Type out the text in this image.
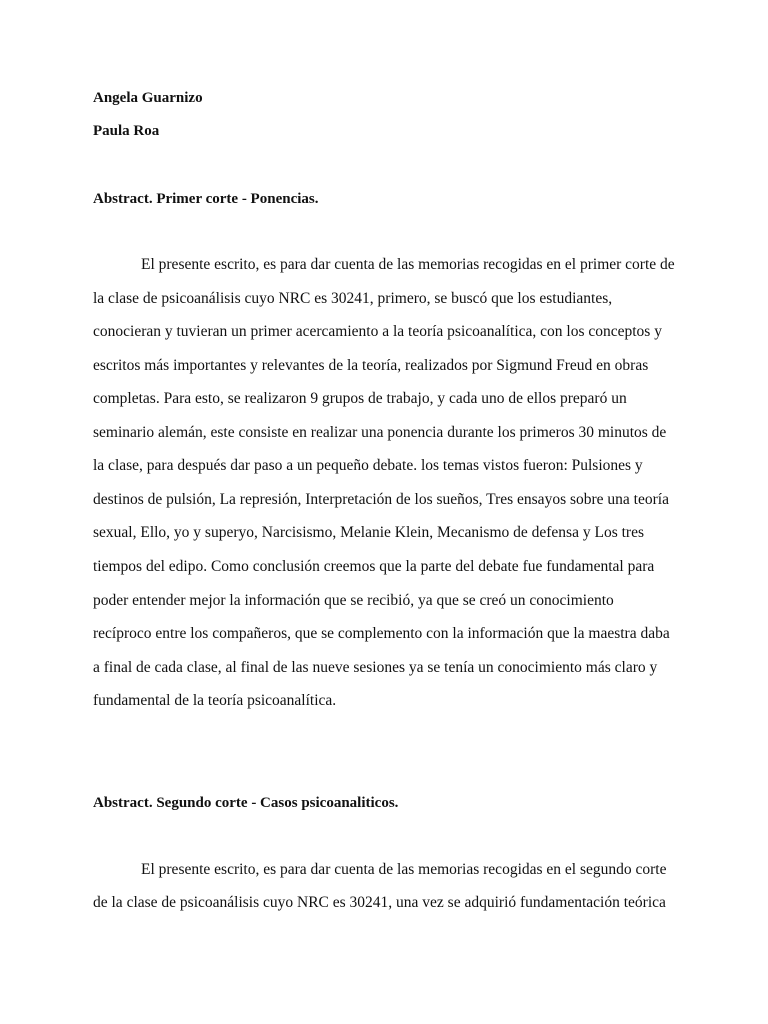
Angela Guarnizo
Paula Roa
Abstract. Primer corte - Ponencias.
El presente escrito, es para dar cuenta de las memorias recogidas en el primer corte de
la clase de psicoanálisis cuyo NRC es 30241, primero, se buscó que los estudiantes,
conocieran y tuvieran un primer acercamiento a la teoría psicoanalítica, con los conceptos y
escritos más importantes y relevantes de la teoría, realizados por Sigmund Freud en obras
completas. Para esto, se realizaron 9 grupos de trabajo, y cada uno de ellos preparó un
seminario alemán, este consiste en realizar una ponencia durante los primeros 30 minutos de
la clase, para después dar paso a un pequeño debate. los temas vistos fueron: Pulsiones y
destinos de pulsión, La represión, Interpretación de los sueños, Tres ensayos sobre una teoría
sexual, Ello, yo y superyo, Narcisismo, Melanie Klein, Mecanismo de defensa y Los tres
tiempos del edipo. Como conclusión creemos que la parte del debate fue fundamental para
poder entender mejor la información que se recibió, ya que se creó un conocimiento
recíproco entre los compañeros, que se complemento con la información que la maestra daba
a final de cada clase, al final de las nueve sesiones ya se tenía un conocimiento más claro y
fundamental de la teoría psicoanalítica.
Abstract. Segundo corte - Casos psicoanaliticos.
El presente escrito, es para dar cuenta de las memorias recogidas en el segundo corte
de la clase de psicoanálisis cuyo NRC es 30241, una vez se adquirió fundamentación teórica
